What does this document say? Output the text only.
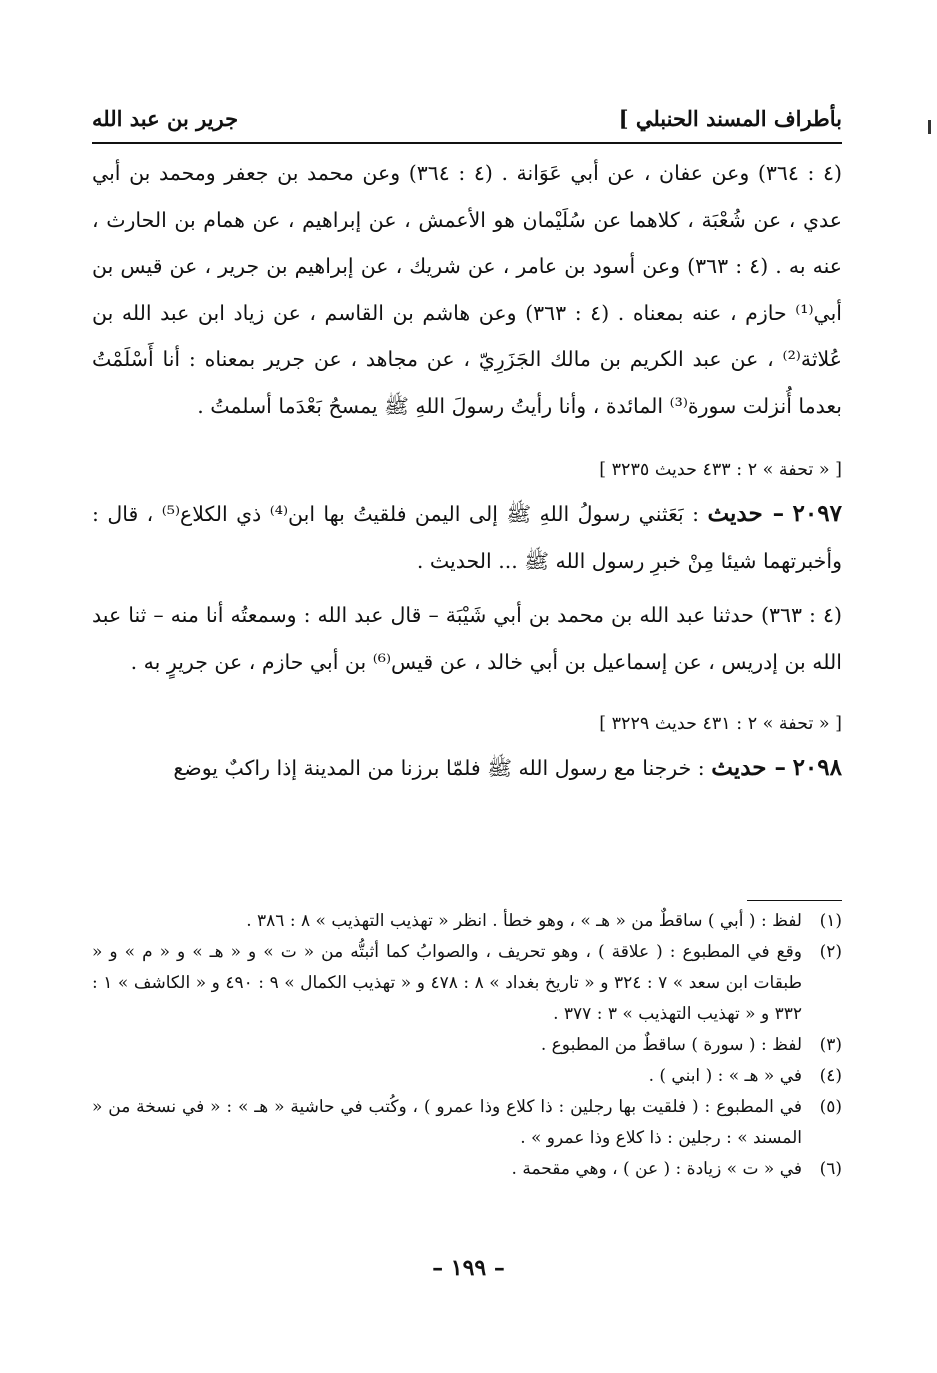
بأطراف المسند الحنبلي ]
جرير بن عبد الله

(٤ : ٣٦٤) وعن عفان ، عن أبي عَوَانة . (٤ : ٣٦٤) وعن محمد بن جعفر ومحمد بن أبي عدي ، عن شُعْبَة ، كلاهما عن سُلَيْمان هو الأعمش ، عن إبراهيم ، عن همام بن الحارث ، عنه به . (٤ : ٣٦٣) وعن أسود بن عامر ، عن شريك ، عن إبراهيم بن جرير ، عن قيس بن أبي⁽¹⁾ حازم ، عنه بمعناه . (٤ : ٣٦٣) وعن هاشم بن القاسم ، عن زياد ابن عبد الله بن عُلاثة⁽²⁾ ، عن عبد الكريم بن مالك الجَزَرِيّ ، عن مجاهد ، عن جرير بمعناه : أنا أَسْلَمْتُ بعدما أُنزلت سورة⁽³⁾ المائدة ، وأنا رأيتُ رسولَ اللهِ ﷺ يمسحُ بَعْدَما أسلمتُ .

[ « تحفة » ٢ : ٤٣٣ حديث ٣٢٣٥ ]

٢٠٩٧ – حديث : بَعَثني رسولُ اللهِ ﷺ إلى اليمن فلقيتُ بها ابن⁽⁴⁾ ذي الكلاع⁽⁵⁾ ، قال : وأخبرتهما شيئا مِنْ خبرِ رسول الله ﷺ ... الحديث .

(٤ : ٣٦٣) حدثنا عبد الله بن محمد بن أبي شَيْبَة – قال عبد الله : وسمعتُه أنا منه – ثنا عبد الله بن إدريس ، عن إسماعيل بن أبي خالد ، عن قيس⁽⁶⁾ بن أبي حازم ، عن جريرٍ به .

[ « تحفة » ٢ : ٤٣١ حديث ٣٢٢٩ ]

٢٠٩٨ – حديث : خرجنا مع رسول الله ﷺ فلمّا برزنا من المدينة إذا راكبٌ يوضع

(١)
لفظ : ( أبي ) ساقطٌ من « هـ » ، وهو خطأ . انظر « تهذيب التهذيب » ٨ : ٣٨٦ .
(٢)
وقع في المطبوع : ( علاقة ) ، وهو تحريف ، والصوابُ كما أثبتُّه من « ت » و « هـ » و « م » و « طبقات ابن سعد » ٧ : ٣٢٤ و « تاريخ بغداد » ٨ : ٤٧٨ و « تهذيب الكمال » ٩ : ٤٩٠ و « الكاشف » ١ : ٣٣٢ و « تهذيب التهذيب » ٣ : ٣٧٧ .
(٣)
لفظ : ( سورة ) ساقطٌ من المطبوع .
(٤)
في « هـ » : ( ابني ) .
(٥)
في المطبوع : ( فلقيت بها رجلين : ذا كلاع وذا عمرو ) ، وكُتب في حاشية « هـ » : « في نسخة من « المسند » : رجلين : ذا كلاع وذا عمرو » .
(٦)
في « ت » زيادة : ( عن ) ، وهي مقحمة .
– ١٩٩ –
